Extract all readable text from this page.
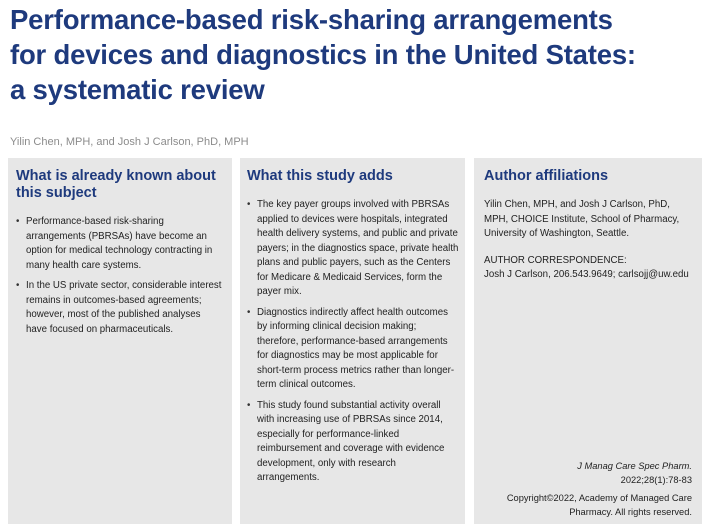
Performance-based risk-sharing arrangements
for devices and diagnostics in the United States:
a systematic review

Yilin Chen, MPH, and Josh J Carlson, PhD, MPH

What is already known about this subject
• Performance-based risk-sharing arrangements (PBRSAs) have become an option for medical technology contracting in many health care systems.
• In the US private sector, considerable interest remains in outcomes-based agreements; however, most of the published analyses have focused on pharmaceuticals.
What this study adds
• The key payer groups involved with PBRSAs applied to devices were hospitals, integrated health delivery systems, and public and private payers; in the diagnostics space, private health plans and public payers, such as the Centers for Medicare & Medicaid Services, form the payer mix.
• Diagnostics indirectly affect health outcomes by informing clinical decision making; therefore, performance-based arrangements for diagnostics may be most applicable for short-term process metrics rather than longer-term clinical outcomes.
• This study found substantial activity overall with increasing use of PBRSAs since 2014, especially for performance-linked reimbursement and coverage with evidence development, only with research arrangements.
Author affiliations

Yilin Chen, MPH, and Josh J Carlson, PhD, MPH, CHOICE Institute, School of Pharmacy, University of Washington, Seattle.

AUTHOR CORRESPONDENCE:

Josh J Carlson, 206.543.9649; carlsojj@uw.edu

J Manag Care Spec Pharm.
2022;28(1):78-83

Copyright©2022, Academy of Managed Care Pharmacy. All rights reserved.
